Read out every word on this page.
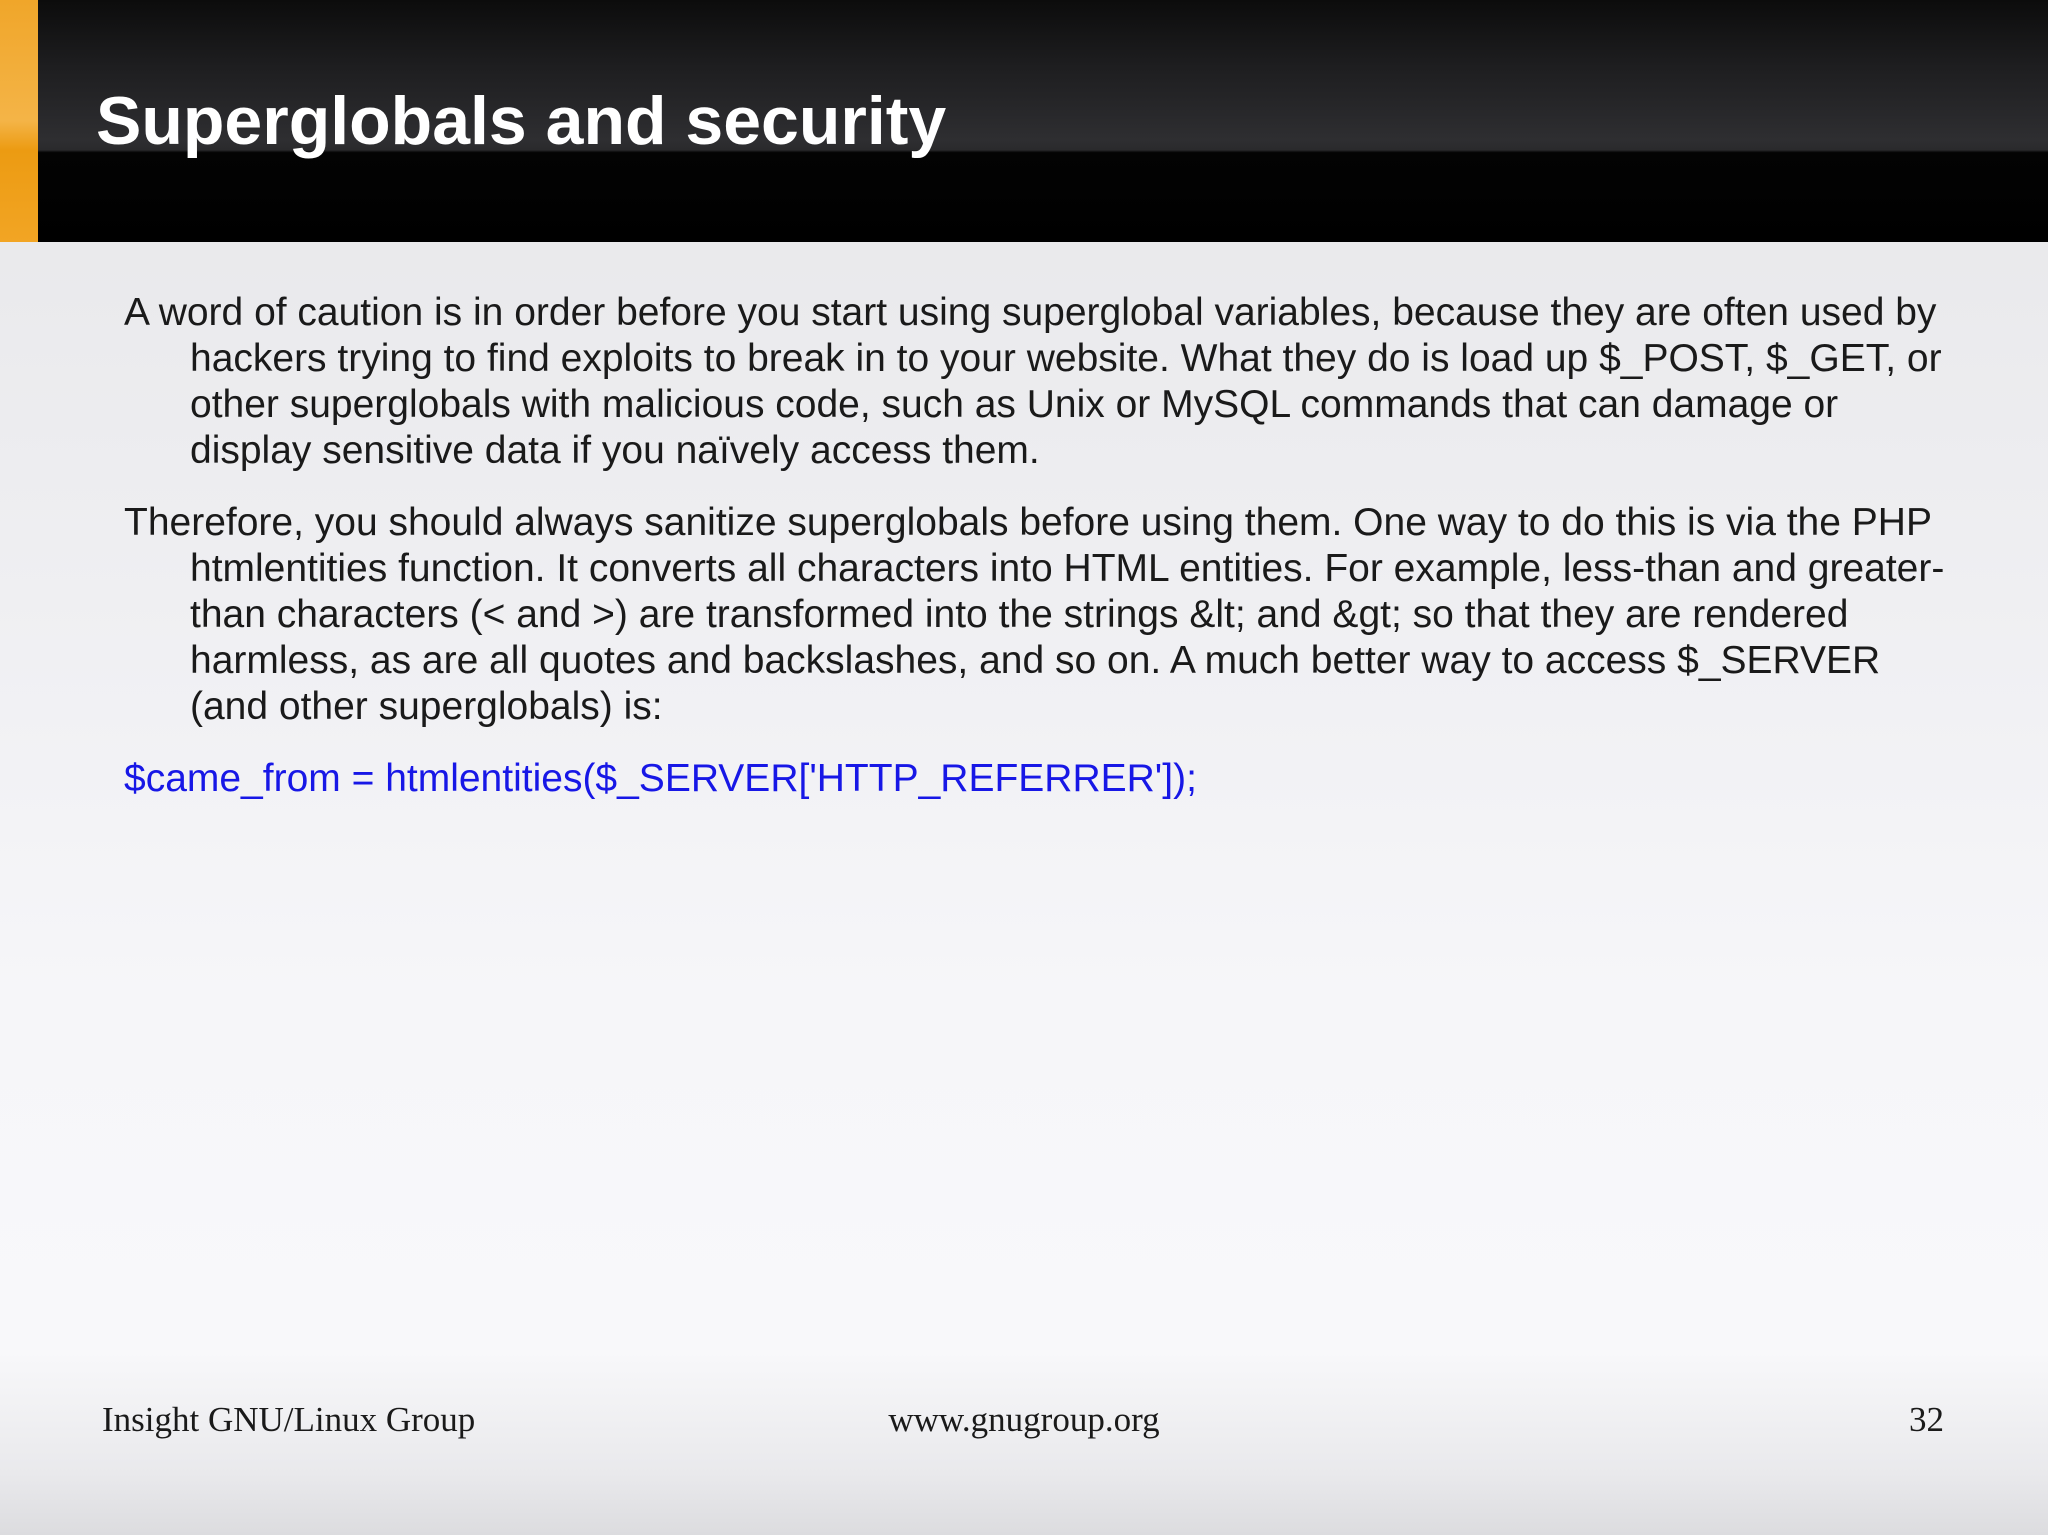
Superglobals and security

A word of caution is in order before you start using superglobal variables, because they are often used by hackers trying to find exploits to break in to your website. What they do is load up $_POST, $_GET, or other superglobals with malicious code, such as Unix or MySQL commands that can damage or display sensitive data if you naïvely access them.

Therefore, you should always sanitize superglobals before using them. One way to do this is via the PHP htmlentities function. It converts all characters into HTML entities. For example, less-than and greater-than characters (< and >) are transformed into the strings &lt; and &gt; so that they are rendered harmless, as are all quotes and backslashes, and so on. A much better way to access $_SERVER (and other superglobals) is:

$came_from = htmlentities($_SERVER['HTTP_REFERRER']);

Insight GNU/Linux Group	www.gnugroup.org	32
